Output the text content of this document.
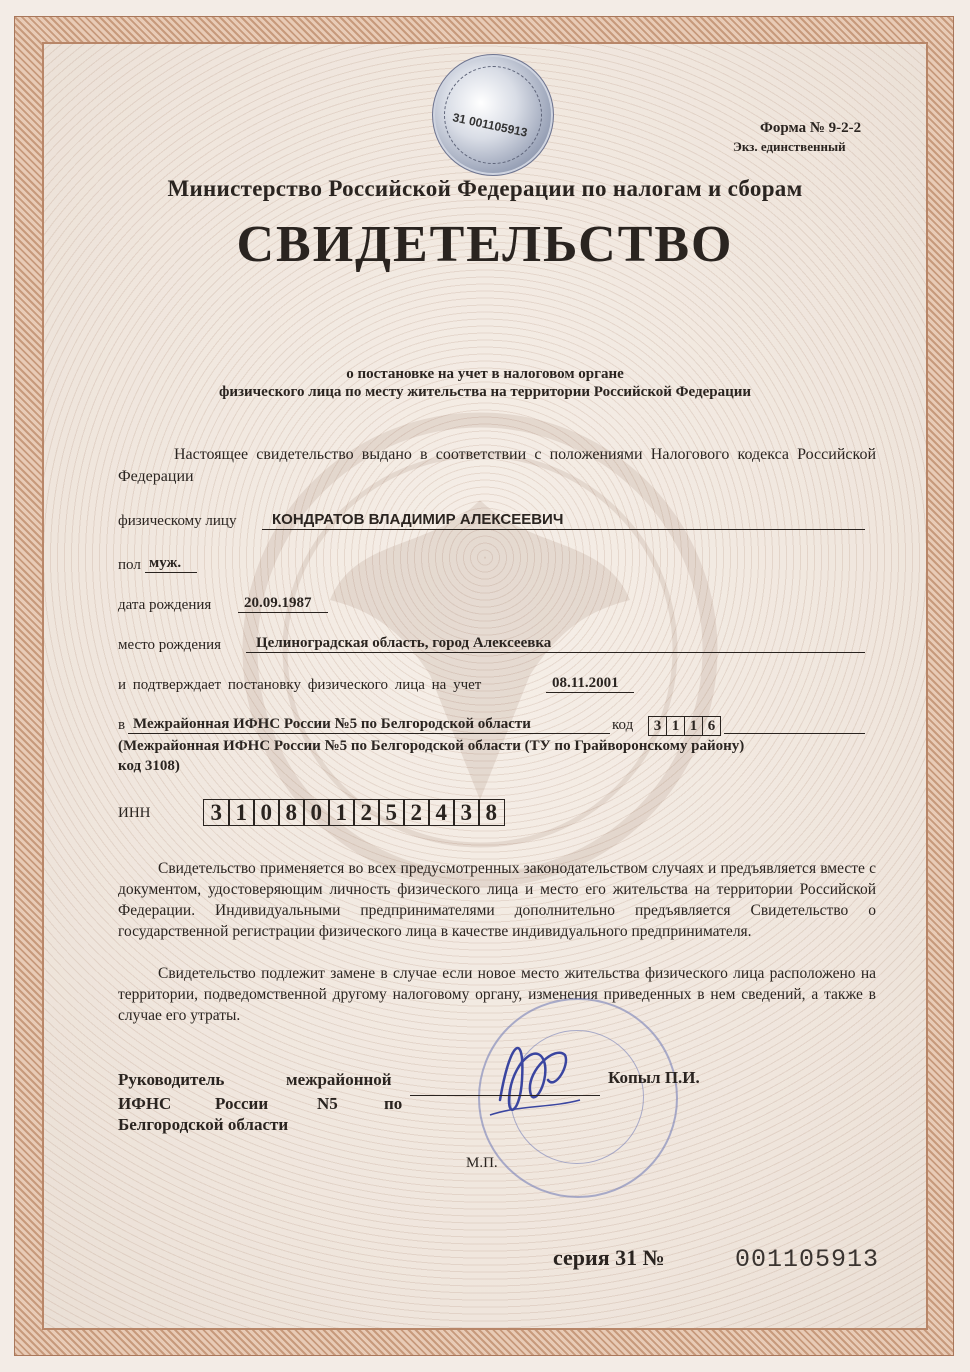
31 001105913	Форма № 9-2-2
Экз. единственный
Министерство Российской Федерации по налогам и сборам
СВИДЕТЕЛЬСТВО
о постановке на учет в налоговом органе
физического лица по месту жительства на территории Российской Федерации
Настоящее свидетельство выдано в соответствии с положениями Налогового кодекса Российской Федерации
физическому лицу КОНДРАТОВ ВЛАДИМИР АЛЕКСЕЕВИЧ
пол муж.
дата рождения 20.09.1987
место рождения Целиноградская область, город Алексеевка
и подтверждает постановку физического лица на учет	08.11.2001
в Межрайонная ИФНС России №5 по Белгородской области	код	3 1 1 6
(Межрайонная ИФНС России №5 по Белгородской области (ТУ по Грайворонскому району)
код 3108)
ИНН	3 1 0 8 0 1 2 5 2 4 3 8
Свидетельство применяется во всех предусмотренных законодательством случаях и предъявляется вместе с документом, удостоверяющим личность физического лица и место его жительства на территории Российской Федерации. Индивидуальными предпринимателями дополнительно предъявляется Свидетельство о государственной регистрации физического лица в качестве индивидуального предпринимателя.
Свидетельство подлежит замене в случае если новое место жительства физического лица расположено на территории, подведомственной другому налоговому органу, изменения приведенных в нем сведений, а также в случае его утраты.
Руководитель	межрайонной
ИФНС	России	N5	по
Белгородской области
Копыл П.И.
М.П.
серия 31 №	001105913
